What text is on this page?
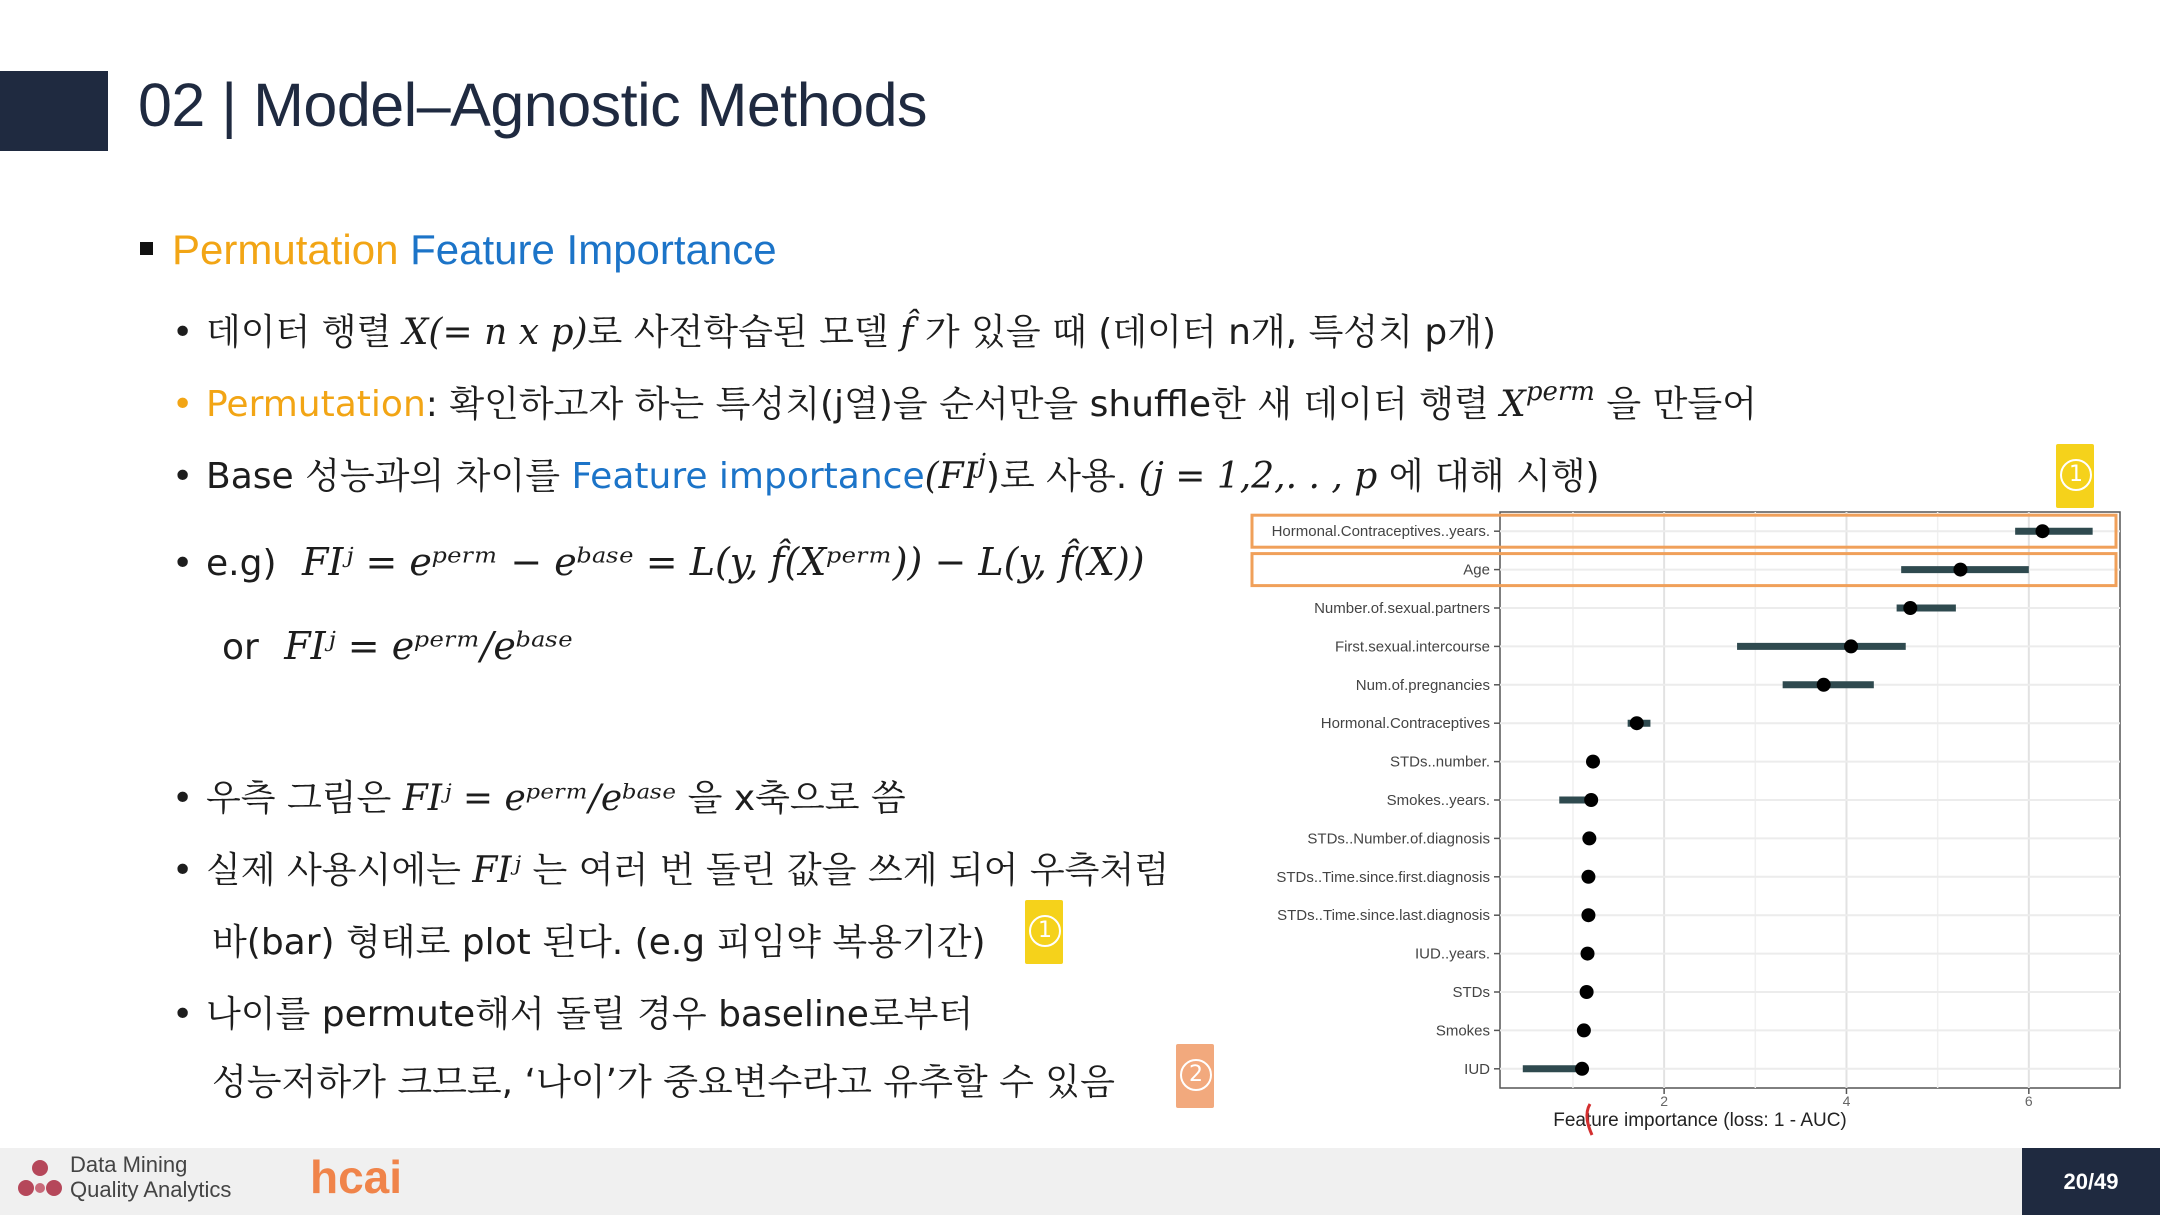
02 | Model–Agnostic Methods
Permutation Feature Importance
• 데이터 행렬 X(= n x p)로 사전학습된 모델 f̂ 가 있을 때 (데이터 n개, 특성치 p개)
• Permutation: 확인하고자 하는 특성치(j열)을 순서만을 shuffle한 새 데이터 행렬 $X^{perm}$ 을 만들어
• Base 성능과의 차이를 Feature $importance(FI^j)$로 사용. (j = 1,2,. . , p 에 대해 시행)
• e.g) FIʲ = eᵖᵉʳᵐ − eᵇᵃˢᵉ = L(y, f̂(Xᵖᵉʳᵐ)) − L(y, f̂(X))
or FIʲ = eᵖᵉʳᵐ/eᵇᵃˢᵉ
• 우측 그림은 FIʲ = eᵖᵉʳᵐ/eᵇᵃˢᵉ 을 x축으로 씀
• 실제 사용시에는 FIʲ 는 여러 번 돌린 값을 쓰게 되어 우측처럼
바(bar) 형태로 plot 된다. (e.g 피임약 복용기간)	1
• 나이를 permute해서 돌릴 경우 baseline로부터
성능저하가 크므로, ‘나이’가 중요변수라고 유추할 수 있음	2
1
Hormonal.Contraceptives..years.
Age
Number.of.sexual.partners
First.sexual.intercourse
Num.of.pregnancies
Hormonal.Contraceptives
STDs..number.
Smokes..years.
STDs..Number.of.diagnosis
STDs..Time.since.first.diagnosis
STDs..Time.since.last.diagnosis
IUD..years.
STDs
Smokes
IUD
2	4	6
Feature importance (loss: 1 - AUC)
Data Mining
Quality Analytics hcai	20/49
